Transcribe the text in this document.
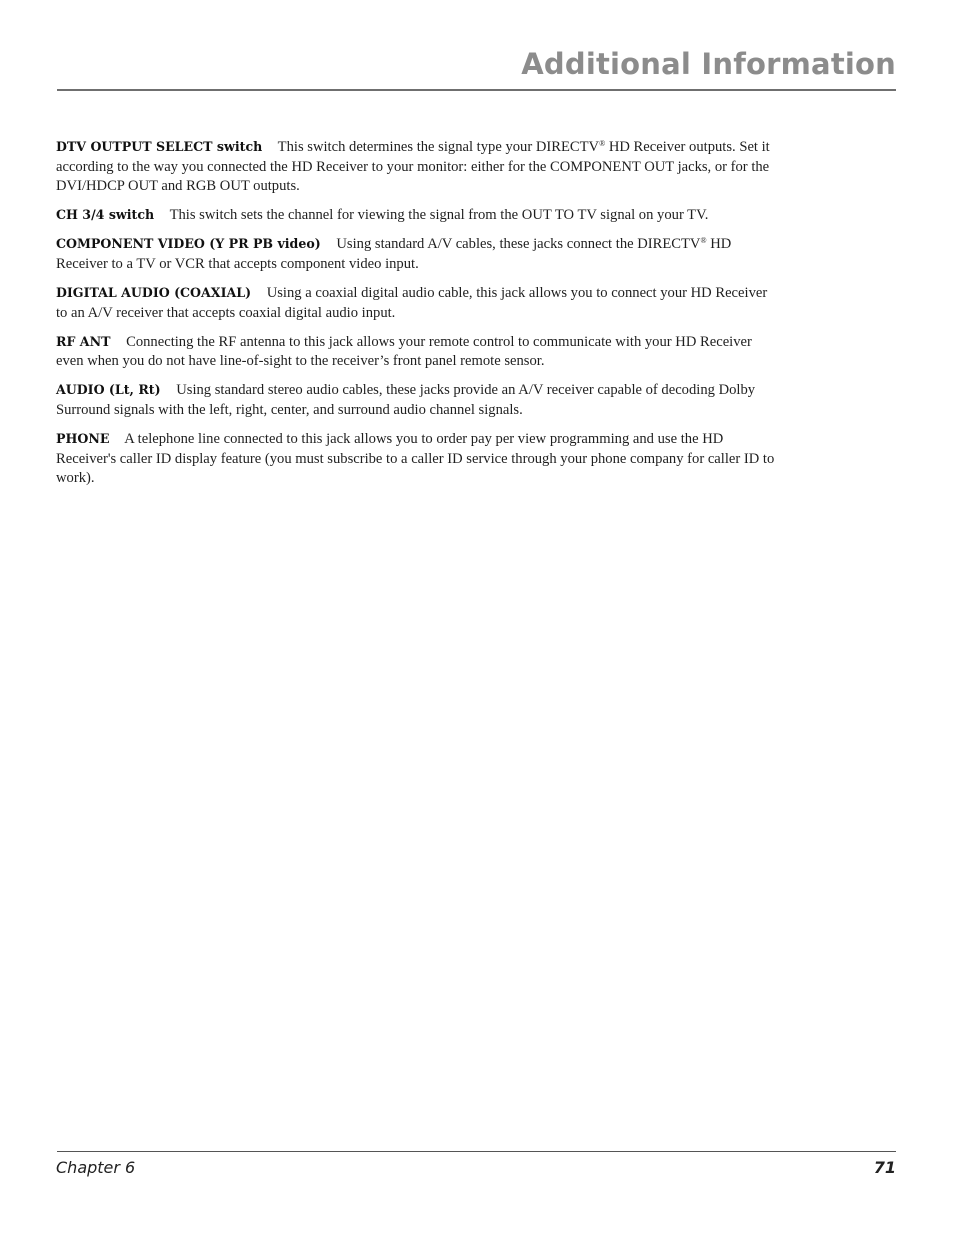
Additional Information

DTV OUTPUT SELECT switch This switch determines the signal type your DIRECTV® HD Receiver outputs. Set it according to the way you connected the HD Receiver to your monitor: either for the COMPONENT OUT jacks, or for the DVI/HDCP OUT and RGB OUT outputs.

CH 3/4 switch This switch sets the channel for viewing the signal from the OUT TO TV signal on your TV.

COMPONENT VIDEO (Y PR PB video) Using standard A/V cables, these jacks connect the DIRECTV® HD Receiver to a TV or VCR that accepts component video input.

DIGITAL AUDIO (COAXIAL) Using a coaxial digital audio cable, this jack allows you to connect your HD Receiver to an A/V receiver that accepts coaxial digital audio input.

RF ANT Connecting the RF antenna to this jack allows your remote control to communicate with your HD Receiver even when you do not have line-of-sight to the receiver’s front panel remote sensor.

AUDIO (Lt, Rt) Using standard stereo audio cables, these jacks provide an A/V receiver capable of decoding Dolby Surround signals with the left, right, center, and surround audio channel signals.

PHONE A telephone line connected to this jack allows you to order pay per view programming and use the HD Receiver's caller ID display feature (you must subscribe to a caller ID service through your phone company for caller ID to work).

Chapter 6	71
